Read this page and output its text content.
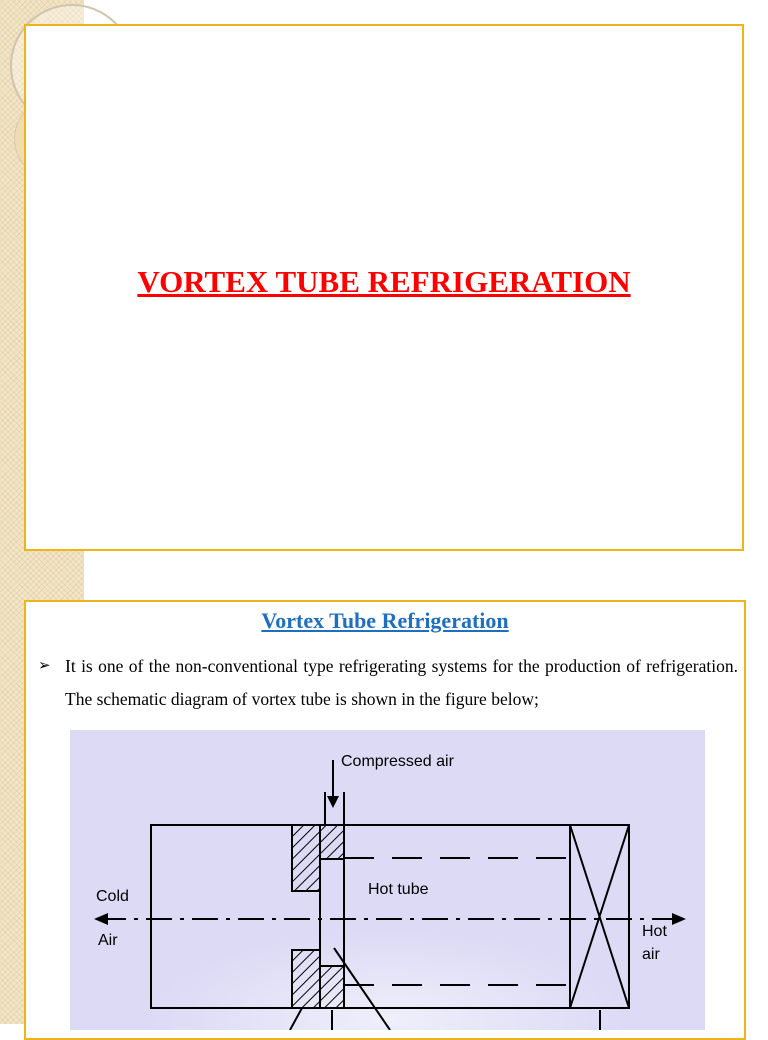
VORTEX TUBE REFRIGERATION
Vortex Tube Refrigeration
➢ It is one of the non-conventional type refrigerating systems for the production of refrigeration. The schematic diagram of vortex tube is shown in the figure below;
Compressed air
Hot tube
Cold
Air
Hot
air
